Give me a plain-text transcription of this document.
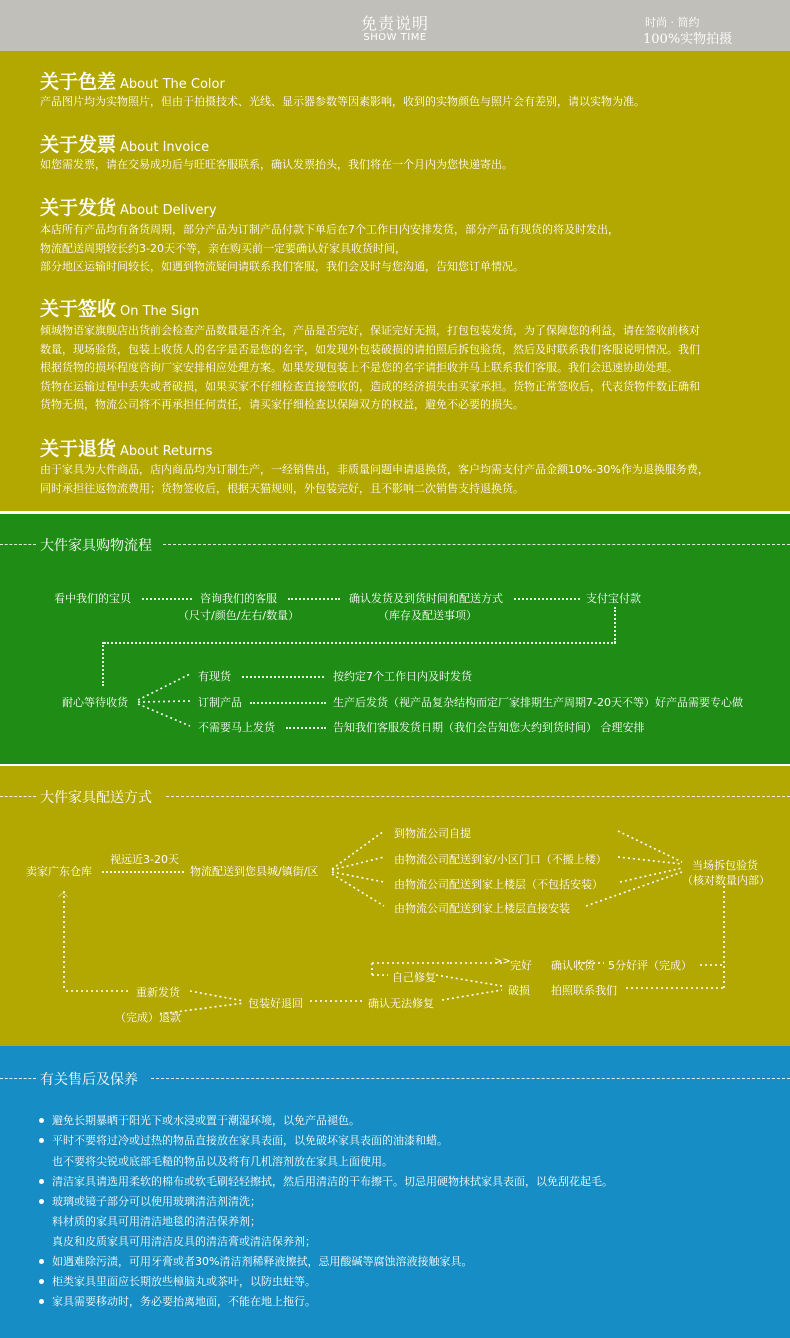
免责说明
SHOW TIME
时尚 · 简约
100%实物拍摄
关于色差 About The Color
产品图片均为实物照片，但由于拍摄技术、光线、显示器参数等因素影响，收到的实物颜色与照片会有差别，请以实物为准。
关于发票 About Invoice
如您需发票，请在交易成功后与旺旺客服联系，确认发票抬头，我们将在一个月内为您快递寄出。
关于发货 About Delivery
本店所有产品均有备货周期，部分产品为订制产品付款下单后在7个工作日内安排发货，部分产品有现货的将及时发出，
物流配送周期较长约3-20天不等，亲在购买前一定要确认好家具收货时间，
部分地区运输时间较长，如遇到物流疑问请联系我们客服，我们会及时与您沟通，告知您订单情况。
关于签收 On The Sign
倾城物语家旗舰店出货前会检查产品数量是否齐全，产品是否完好，保证完好无损，打包包装发货，为了保障您的利益，请在签收前核对
数量，现场验货，包装上收货人的名字是否是您的名字，如发现外包装破损的请拍照后拆包验货，然后及时联系我们客服说明情况。我们
根据货物的损坏程度咨询厂家安排相应处理方案。如果发现包装上不是您的名字请拒收并马上联系我们客服。我们会迅速协助处理。
货物在运输过程中丢失或者破损，如果买家不仔细检查直接签收的，造成的经济损失由买家承担。货物正常签收后，代表货物件数正确和
货物无损，物流公司将不再承担任何责任，请买家仔细检查以保障双方的权益，避免不必要的损失。
关于退货 About Returns
由于家具为大件商品，店内商品均为订制生产，一经销售出，非质量问题申请退换货，客户均需支付产品金额10%-30%作为退换服务费，
同时承担往返物流费用；货物签收后，根据天猫规则，外包装完好，且不影响二次销售支持退换货。
大件家具购物流程
看中我们的宝贝	咨询我们的客服
（尺寸/颜色/左右/数量）
确认发货及到货时间和配送方式
（库存及配送事项）
支付宝付款
耐心等待收货
有现货	按约定7个工作日内及时发货
订制产品	生产后发货（视产品复杂结构而定厂家排期生产周期7-20天不等）好产品需要专心做
不需要马上发货	告知我们客服发货日期（我们会告知您大约到货时间） 合理安排
大件家具配送方式
卖家广东仓库
视远近3-20天
物流配送到您县城/镇街/区
到物流公司自提
由物流公司配送到家/小区门口（不搬上楼）
由物流公司配送到家上楼层（不包括安装）
由物流公司配送到家上楼层直接安装
当场拆包验货
（核对数量内部）
完好 确认收货 5分好评（完成）
自己修复
破损 拍照联系我们
确认无法修复
包装好退回
重新发货
（完成）退款
︿
>>
有关售后及保养
避免长期暴晒于阳光下或水浸或置于潮湿环境，以免产品褪色。
平时不要将过冷或过热的物品直接放在家具表面，以免破坏家具表面的油漆和蜡。
也不要将尖锐或底部毛糙的物品以及将有几机溶剂放在家具上面使用。
清洁家具请选用柔软的棉布或软毛刷轻轻擦拭，然后用清洁的干布擦干。切忌用硬物抹拭家具表面，以免刮花起毛。
玻璃或镜子部分可以使用玻璃清洁剂清洗；
料材质的家具可用清洁地毯的清洁保养剂；
真皮和皮质家具可用清洁皮具的清洁膏或清洁保养剂；
如遇难除污渍，可用牙膏或者30%清洁剂稀释液擦拭，忌用酸碱等腐蚀溶液接触家具。
柜类家具里面应长期放些樟脑丸或茶叶，以防虫蛀等。
家具需要移动时，务必要抬离地面，不能在地上拖行。
